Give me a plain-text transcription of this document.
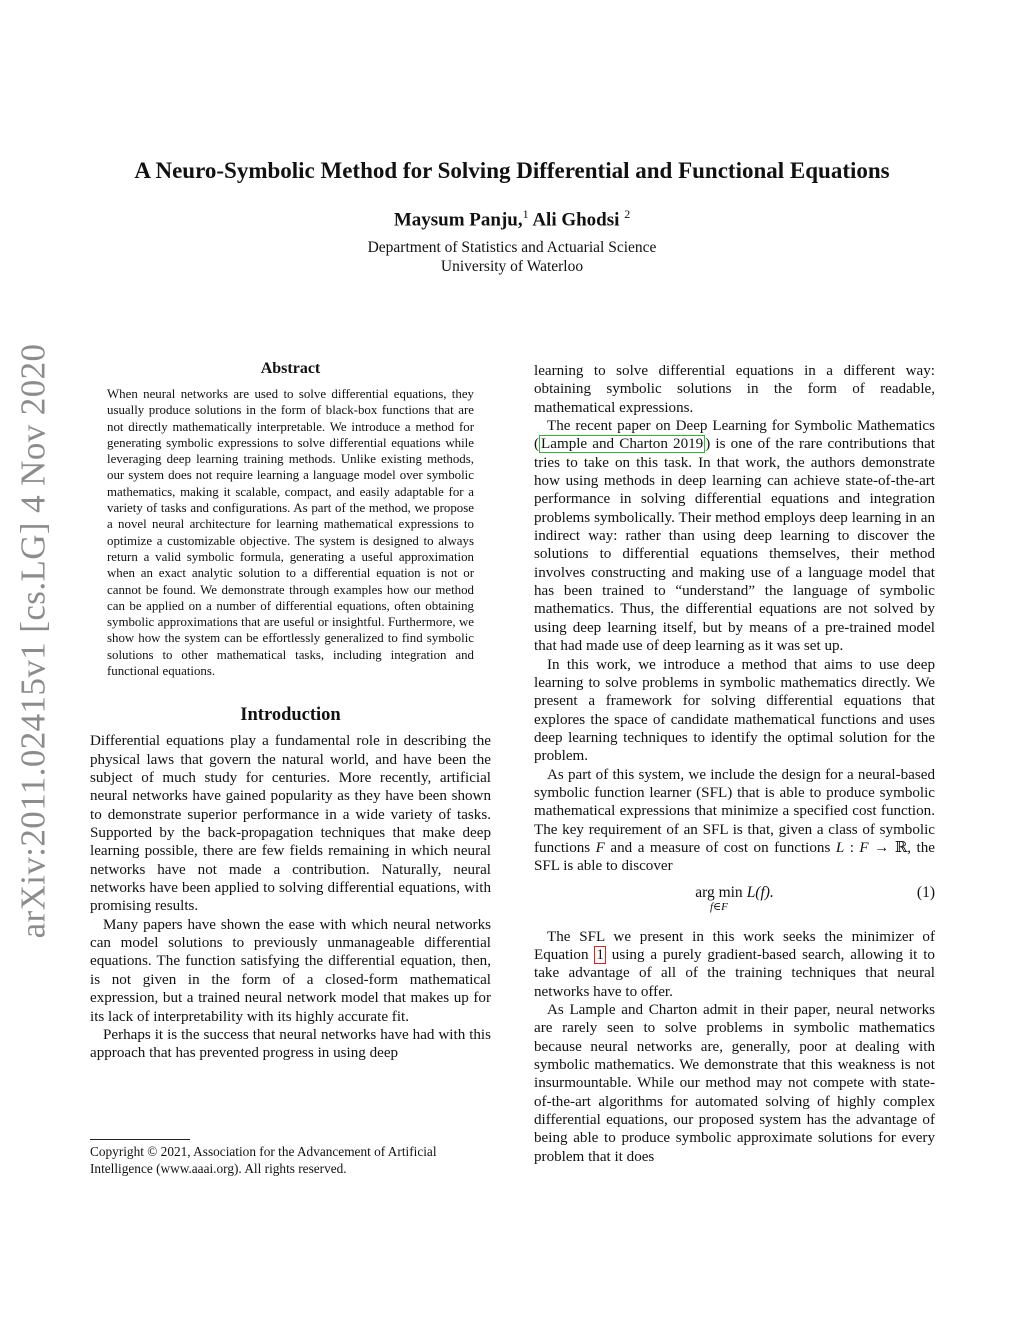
arXiv:2011.02415v1 [cs.LG] 4 Nov 2020
A Neuro-Symbolic Method for Solving Differential and Functional Equations
Maysum Panju,$^1$ Ali Ghodsi $^2$
Department of Statistics and Actuarial Science
University of Waterloo
Abstract

When neural networks are used to solve differential equations, they usually produce solutions in the form of black-box functions that are not directly mathematically interpretable. We introduce a method for generating symbolic expressions to solve differential equations while leveraging deep learning training methods. Unlike existing methods, our system does not require learning a language model over symbolic mathematics, making it scalable, compact, and easily adaptable for a variety of tasks and configurations. As part of the method, we propose a novel neural architecture for learning mathematical expressions to optimize a customizable objective. The system is designed to always return a valid symbolic formula, generating a useful approximation when an exact analytic solution to a differential equation is not or cannot be found. We demonstrate through examples how our method can be applied on a number of differential equations, often obtaining symbolic approximations that are useful or insightful. Furthermore, we show how the system can be effortlessly generalized to find symbolic solutions to other mathematical tasks, including integration and functional equations.

Introduction

Differential equations play a fundamental role in describing the physical laws that govern the natural world, and have been the subject of much study for centuries. More recently, artificial neural networks have gained popularity as they have been shown to demonstrate superior performance in a wide variety of tasks. Supported by the back-propagation techniques that make deep learning possible, there are few fields remaining in which neural networks have not made a contribution. Naturally, neural networks have been applied to solving differential equations, with promising results.

Many papers have shown the ease with which neural networks can model solutions to previously unmanageable differential equations. The function satisfying the differential equation, then, is not given in the form of a closed-form mathematical expression, but a trained neural network model that makes up for its lack of interpretability with its highly accurate fit.

Perhaps it is the success that neural networks have had with this approach that has prevented progress in using deep

Copyright © 2021, Association for the Advancement of Artificial Intelligence (www.aaai.org). All rights reserved.

learning to solve differential equations in a different way: obtaining symbolic solutions in the form of readable, mathematical expressions.

The recent paper on Deep Learning for Symbolic Mathematics ( Lample and Charton 2019 ) is one of the rare contributions that tries to take on this task. In that work, the authors demonstrate how using methods in deep learning can achieve state-of-the-art performance in solving differential equations and integration problems symbolically. Their method employs deep learning in an indirect way: rather than using deep learning to discover the solutions to differential equations themselves, their method involves constructing and making use of a language model that has been trained to “understand” the language of symbolic mathematics. Thus, the differential equations are not solved by using deep learning itself, but by means of a pre-trained model that had made use of deep learning as it was set up.

In this work, we introduce a method that aims to use deep learning to solve problems in symbolic mathematics directly. We present a framework for solving differential equations that explores the space of candidate mathematical functions and uses deep learning techniques to identify the optimal solution for the problem.

As part of this system, we include the design for a neural-based symbolic function learner (SFL) that is able to produce symbolic mathematical expressions that minimize a specified cost function. The key requirement of an SFL is that, given a class of symbolic functions F and a measure of cost on functions L : F → ℝ, the SFL is able to discover

arg min
f∈F
L(f).	(1)

The SFL we present in this work seeks the minimizer of Equation 1 using a purely gradient-based search, allowing it to take advantage of all of the training techniques that neural networks have to offer.

As Lample and Charton admit in their paper, neural networks are rarely seen to solve problems in symbolic mathematics because neural networks are, generally, poor at dealing with symbolic mathematics. We demonstrate that this weakness is not insurmountable. While our method may not compete with state-of-the-art algorithms for automated solving of highly complex differential equations, our proposed system has the advantage of being able to produce symbolic approximate solutions for every problem that it does
